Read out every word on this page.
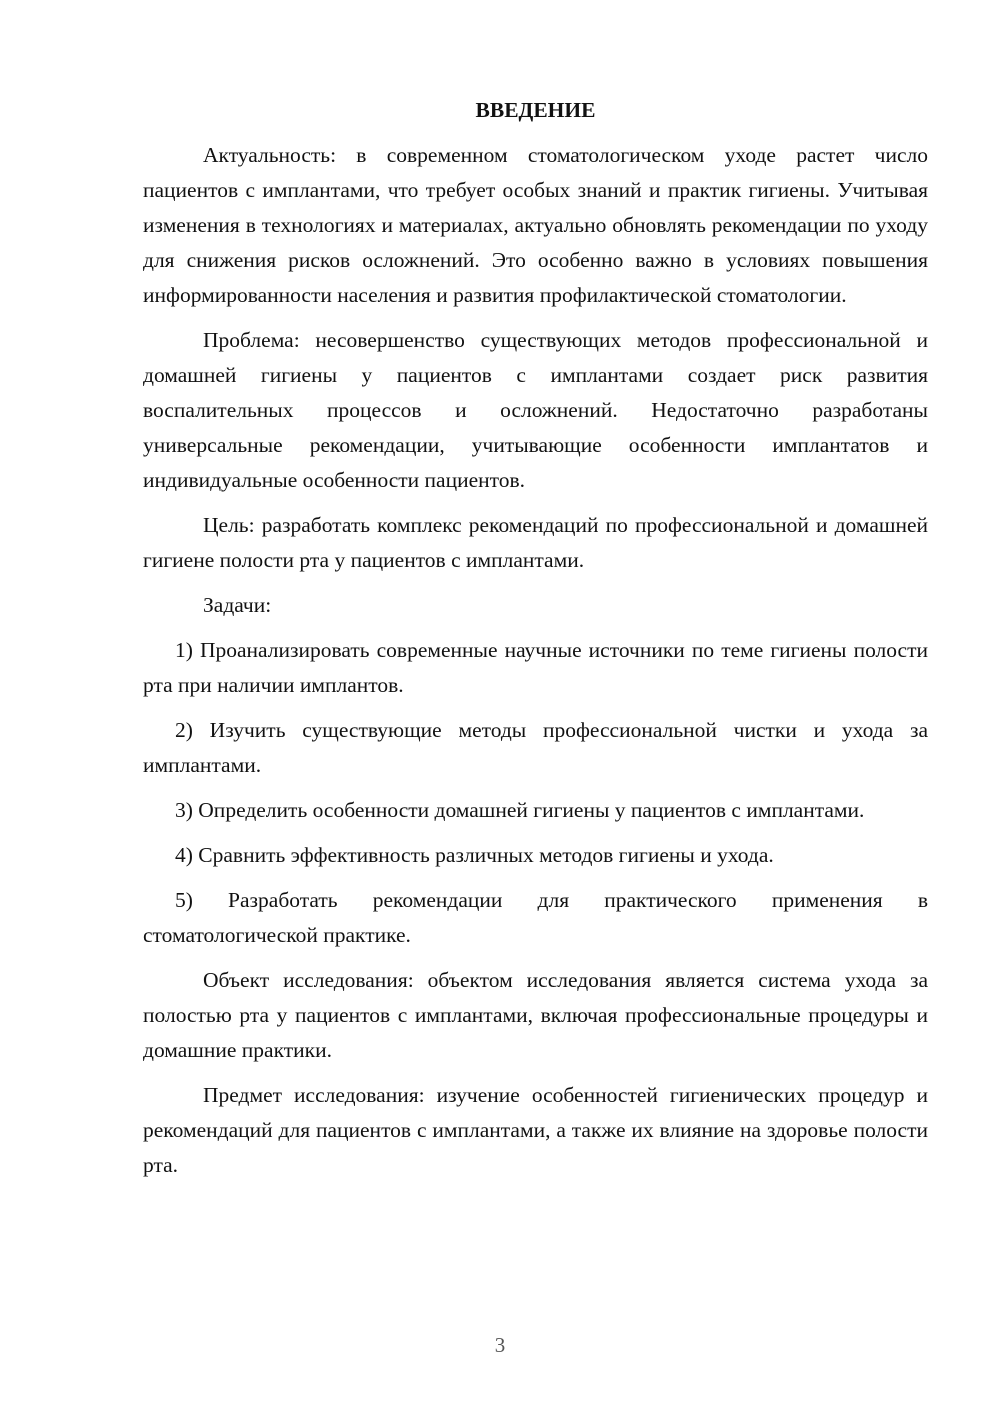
ВВЕДЕНИЕ

Актуальность: в современном стоматологическом уходе растет число пациентов с имплантами, что требует особых знаний и практик гигиены. Учитывая изменения в технологиях и материалах, актуально обновлять рекомендации по уходу для снижения рисков осложнений. Это особенно важно в условиях повышения информированности населения и развития профилактической стоматологии.

Проблема: несовершенство существующих методов профессиональной и домашней гигиены у пациентов с имплантами создает риск развития воспалительных процессов и осложнений. Недостаточно разработаны универсальные рекомендации, учитывающие особенности имплантатов и индивидуальные особенности пациентов.

Цель: разработать комплекс рекомендаций по профессиональной и домашней гигиене полости рта у пациентов с имплантами.

Задачи:

1) Проанализировать современные научные источники по теме гигиены полости рта при наличии имплантов.

2) Изучить существующие методы профессиональной чистки и ухода за имплантами.

3) Определить особенности домашней гигиены у пациентов с имплантами.

4) Сравнить эффективность различных методов гигиены и ухода.

5) Разработать рекомендации для практического применения в стоматологической практике.

Объект исследования: объектом исследования является система ухода за полостью рта у пациентов с имплантами, включая профессиональные процедуры и домашние практики.

Предмет исследования: изучение особенностей гигиенических процедур и рекомендаций для пациентов с имплантами, а также их влияние на здоровье полости рта.

3
